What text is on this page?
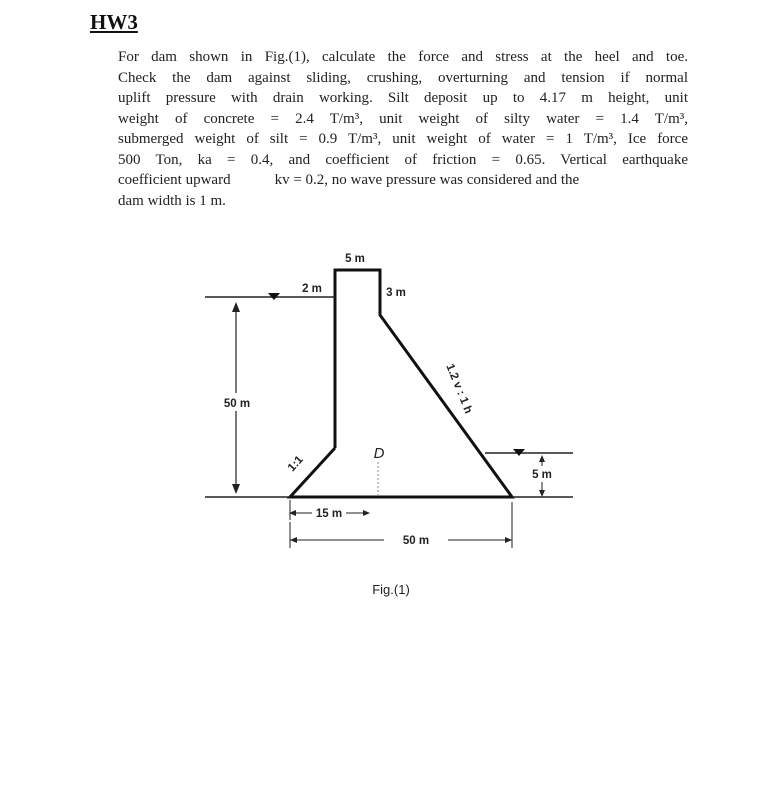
HW3
For dam shown in Fig.(1), calculate the force and stress at the heel and toe.
Check the dam against sliding, crushing, overturning and tension if normal
uplift pressure with drain working. Silt deposit up to 4.17 m height, unit
weight of concrete = 2.4 T/m³, unit weight of silty water = 1.4 T/m³,
submerged weight of silt = 0.9 T/m³, unit weight of water = 1 T/m³, Ice force
500 Ton, ka = 0.4, and coefficient of friction = 0.65. Vertical earthquake
coefficient upward	kv = 0.2, no wave pressure was considered and the
dam width is 1 m.
50 m
5 m
2 m	3 m
1.2 v : 1 h
1:1
D
5 m
15 m
50 m
Fig.(1)
